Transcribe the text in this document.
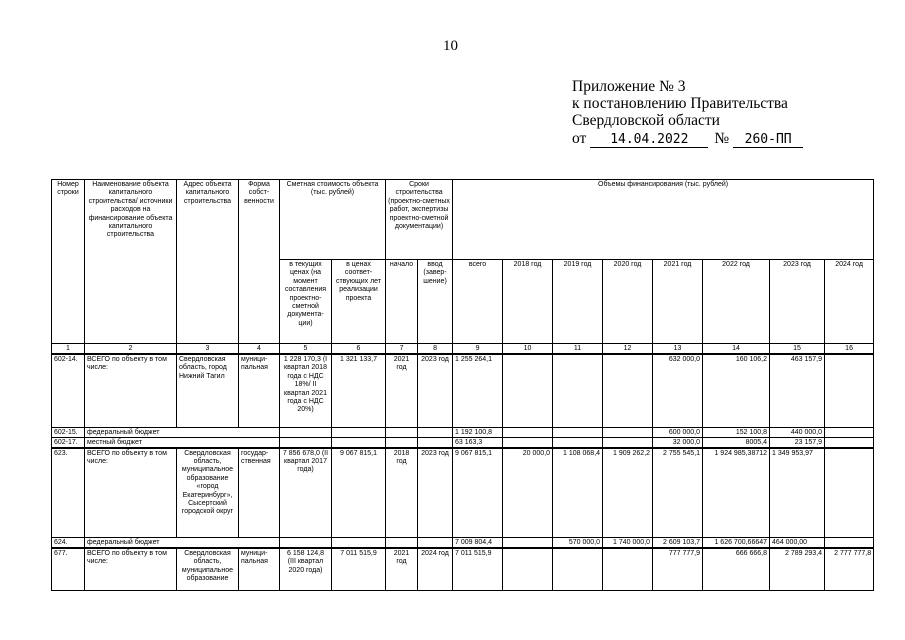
10
Приложение № 3
к постановлению Правительства
Свердловской области
от 14.04.2022 № 260-ПП
Номер строки	Наименование объекта капитального строительства/ источники расходов на финансирование объекта капитального строительства	Адрес объекта капитального строительства	Форма собст-венности	Сметная стоимость объекта (тыс. рублей)		Сроки строительства (проектно-сметных работ, экспертизы проектно-сметной документации)		Объемы финансирования (тыс. рублей)							
				в текущих ценах (на момент составления проектно-сметной документа-ции)	в ценах соответ-ствующих лет реализации проекта	начало	ввод (завер-шение)	всего	2018 год	2019 год	2020 год	2021 год	2022 год	2023 год	2024 год
1	2	3	4	5	6	7	8	9	10	11	12	13	14	15	16
602-14.	ВСЕГО по объекту в том числе:	Свердловская область, город Нижний Тагил	муници-пальная	1 228 170,3 (I квартал 2018 года с НДС 18%/ II квартал 2021 года с НДС 20%)	1 321 133,7	2021 год	2023 год	1 255 264,1				632 000,0	160 106,2	463 157,9	
602-15.	федеральный бюджет							1 192 100,8				600 000,0	152 100,8	440 000,0	
602-17.	местный бюджет							63 163,3				32 000,0	8005,4	23 157,9	
623.	ВСЕГО по объекту в том числе:	Свердловская область, муниципальное образование «город Екатеринбург», Сысертский городской округ	государ-ственная	7 856 678,0 (II квартал 2017 года)	9 067 815,1	2018 год	2023 год	9 067 815,1	20 000,0	1 108 068,4	1 909 262,2	2 755 545,1	1 924 985,38712	1 349 953,97	
624.	федеральный бюджет							7 009 804,4		570 000,0	1 740 000,0	2 609 103,7	1 626 700,66647	464 000,00	
677.	ВСЕГО по объекту в том числе:	Свердловская область, муниципальное образование	муници-пальная	6 158 124,8 (III квартал 2020 года)	7 011 515,9	2021 год	2024 год	7 011 515,9				777 777,9	666 666,8	2 789 293,4	2 777 777,8
